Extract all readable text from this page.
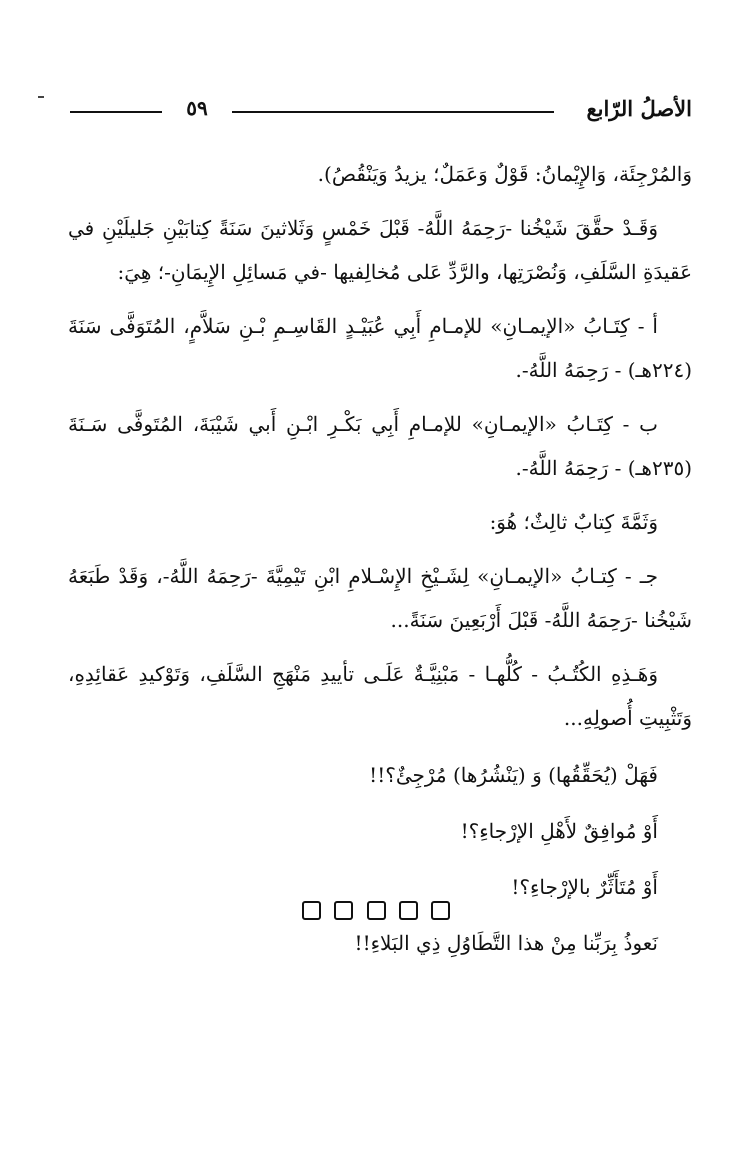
الأصلُ الرّابع
٥٩

وَالمُرْجِئَة، وَالإِيْمانُ: قَوْلٌ وَعَمَلٌ؛ يزيدُ وَيَنْقُصُ).

وَقَـدْ حقَّقَ شَيْخُنا -رَحِمَهُ اللَّهُ- قَبْلَ خَمْسٍ وَثَلاثينَ سَنَةً كِتابَيْنِ جَليلَيْنِ في عَقيدَةِ السَّلَفِ، وَنُصْرَتِها، والرَّدِّ عَلى مُخالِفيها -في مَسائِلِ الإِيمَانِ-؛ هِيَ:

أ - كِتَـابُ «الإيمـانِ» للإمـامِ أَبِي عُبَيْـدٍ القَاسِـمِ بْـنِ سَلاَّمٍ، المُتَوَفَّى سَنَةَ (٢٢٤هـ) - رَحِمَهُ اللَّهُ-.

ب - كِتَـابُ «الإيمـانِ» للإمـامِ أَبِي بَكْـرِ ابْـنِ أَبي شَيْبَةَ، المُتَوفَّى سَـنَةَ (٢٣٥هـ) - رَحِمَهُ اللَّهُ-.

وَثَمَّةَ كِتابٌ ثالِثٌ؛ هُوَ:

جـ - كِتـابُ «الإيمـانِ» لِشَـيْخِ الإِسْـلامِ ابْنِ تَيْمِيَّةَ -رَحِمَهُ اللَّهُ-، وَقَدْ طَبَعَهُ شَيْخُنا -رَحِمَهُ اللَّهُ- قَبْلَ أَرْبَعِينَ سَنَةً...

وَهَـذِهِ الكُتُـبُ - كُلُّهـا - مَبْنِيَّـةٌ عَلَـى تأييدِ مَنْهَجِ السَّلَفِ، وَتَوْكيدِ عَقائِدِهِ، وَتَثْبِيتِ أُصولِهِ...

فَهَلْ (يُحَقِّقُها) وَ (يَنْشُرُها) مُرْجِئٌ؟!!

أَوْ مُوافِقٌ لأَهْلِ الإرْجاءِ؟!

أَوْ مُتَأَثِّرٌ بالإرْجاءِ؟!

نَعوذُ بِرَبِّنا مِنْ هذا التَّطَاوُلِ ذِي البَلاءِ!!
